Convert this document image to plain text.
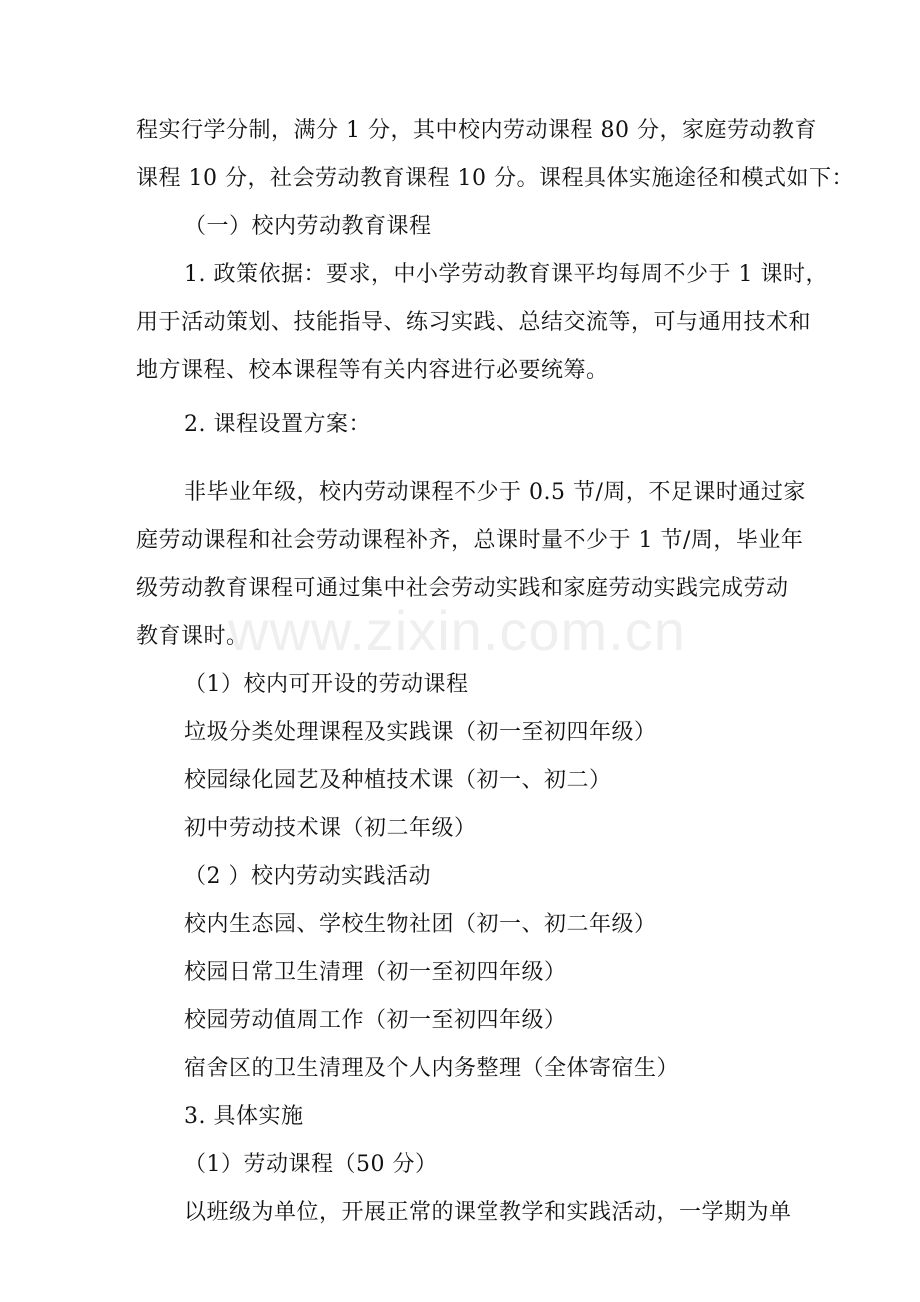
程实行学分制，满分 1 分，其中校内劳动课程 80 分，家庭劳动教育
课程 10 分，社会劳动教育课程 10 分。课程具体实施途径和模式如下：
（一）校内劳动教育课程
1. 政策依据：要求，中小学劳动教育课平均每周不少于 1 课时，
用于活动策划、技能指导、练习实践、总结交流等，可与通用技术和
地方课程、校本课程等有关内容进行必要统筹。
2. 课程设置方案：
非毕业年级，校内劳动课程不少于 0.5 节/周，不足课时通过家
庭劳动课程和社会劳动课程补齐，总课时量不少于 1 节/周，毕业年
级劳动教育课程可通过集中社会劳动实践和家庭劳动实践完成劳动
教育课时。
（1）校内可开设的劳动课程
垃圾分类处理课程及实践课（初一至初四年级）
校园绿化园艺及种植技术课（初一、初二）
初中劳动技术课（初二年级）
（2 ）校内劳动实践活动
校内生态园、学校生物社团（初一、初二年级）
校园日常卫生清理（初一至初四年级）
校园劳动值周工作（初一至初四年级）
宿舍区的卫生清理及个人内务整理（全体寄宿生）
3. 具体实施
（1）劳动课程（50 分）
以班级为单位，开展正常的课堂教学和实践活动，一学期为单
www.zixin.com.cn
